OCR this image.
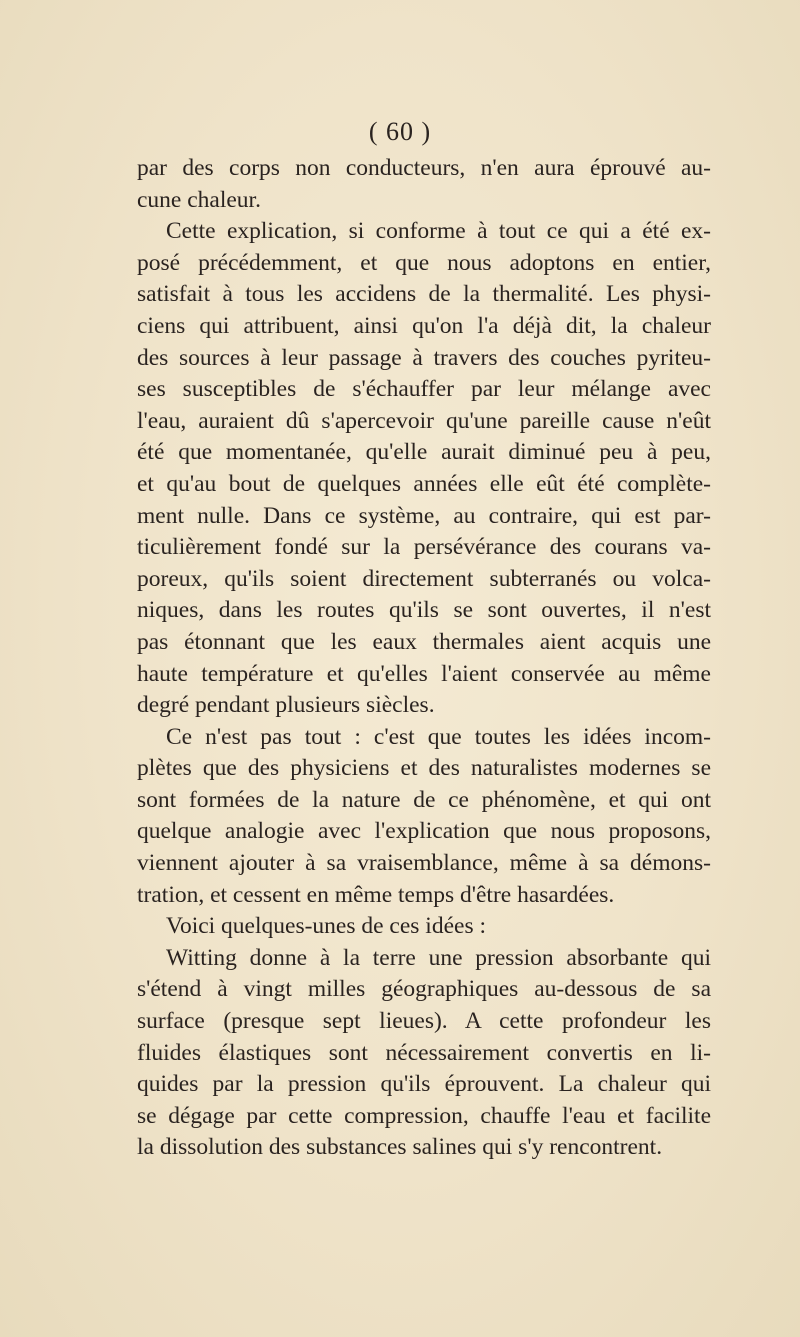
( 60 )
par des corps non conducteurs, n'en aura éprouvé au-
cune chaleur.
Cette explication, si conforme à tout ce qui a été ex-
posé précédemment, et que nous adoptons en entier,
satisfait à tous les accidens de la thermalité. Les physi-
ciens qui attribuent, ainsi qu'on l'a déjà dit, la chaleur
des sources à leur passage à travers des couches pyriteu-
ses susceptibles de s'échauffer par leur mélange avec
l'eau, auraient dû s'apercevoir qu'une pareille cause n'eût
été que momentanée, qu'elle aurait diminué peu à peu,
et qu'au bout de quelques années elle eût été complète-
ment nulle. Dans ce système, au contraire, qui est par-
ticulièrement fondé sur la persévérance des courans va-
poreux, qu'ils soient directement subterranés ou volca-
niques, dans les routes qu'ils se sont ouvertes, il n'est
pas étonnant que les eaux thermales aient acquis une
haute température et qu'elles l'aient conservée au même
degré pendant plusieurs siècles.
Ce n'est pas tout : c'est que toutes les idées incom-
plètes que des physiciens et des naturalistes modernes se
sont formées de la nature de ce phénomène, et qui ont
quelque analogie avec l'explication que nous proposons,
viennent ajouter à sa vraisemblance, même à sa démons-
tration, et cessent en même temps d'être hasardées.
Voici quelques-unes de ces idées :
Witting donne à la terre une pression absorbante qui
s'étend à vingt milles géographiques au-dessous de sa
surface (presque sept lieues). A cette profondeur les
fluides élastiques sont nécessairement convertis en li-
quides par la pression qu'ils éprouvent. La chaleur qui
se dégage par cette compression, chauffe l'eau et facilite
la dissolution des substances salines qui s'y rencontrent.
